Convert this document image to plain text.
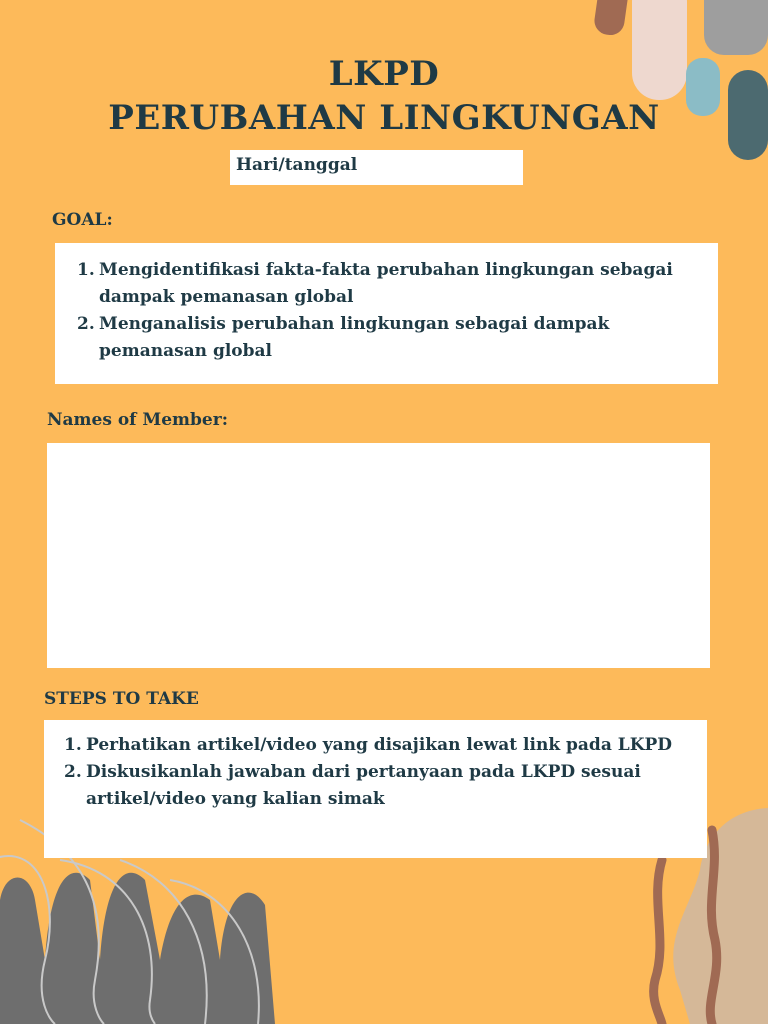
LKPD
PERUBAHAN LINGKUNGAN
Hari/tanggal
GOAL:
1. Mengidentifikasi fakta-fakta perubahan lingkungan sebagai dampak pemanasan global
2. Menganalisis perubahan lingkungan sebagai dampak pemanasan global
Names of Member:
STEPS TO TAKE
1. Perhatikan artikel/video yang disajikan lewat link pada LKPD
2. Diskusikanlah jawaban dari pertanyaan pada LKPD sesuai artikel/video yang kalian simak
